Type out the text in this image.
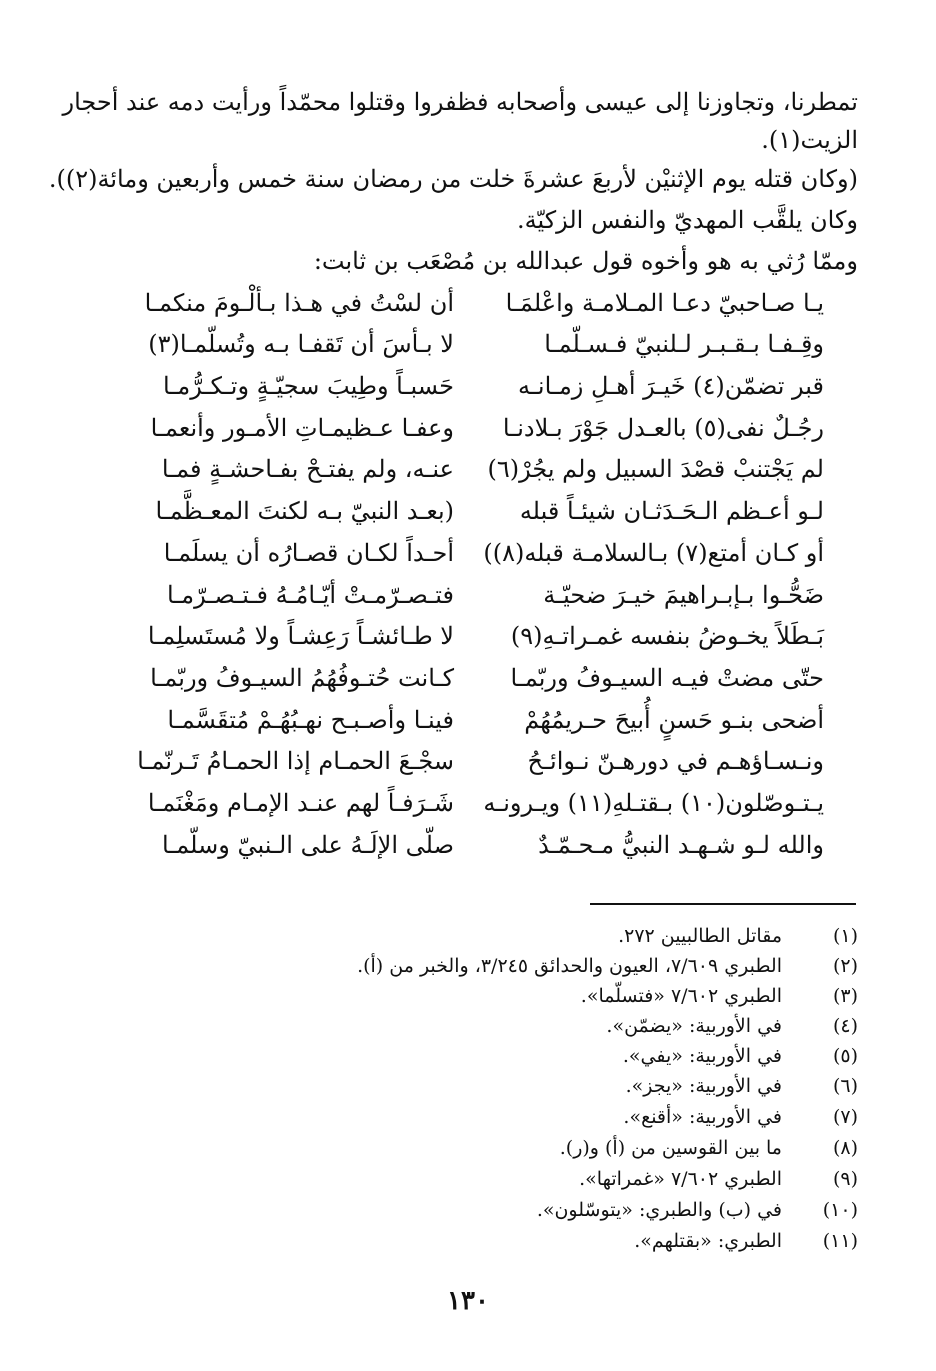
تمطرنا، وتجاوزنا إلى عيسى وأصحابه فظفروا وقتلوا محمّداً ورأيت دمه عند أحجار
الزيت(١).
(وكان قتله يوم الإثنيْن لأربعَ عشرةَ خلت من رمضان سنة خمس وأربعين ومائة(٢)).
وكان يلقَّب المهديّ والنفس الزكيّة.
وممّا رُثي به هو وأخوه قول عبدالله بن مُصْعَب بن ثابت:
يـا صـاحبيّ دعـا المـلامـة واعْلمَـا
أن لسْتُ في هـذا بـألْـومَ منكمـا
وقِـفـا بـقـبـر لـلنبيّ فـسـلّمـا
لا بـأسَ أن تَقفـا بـه وتُسلّمـا(٣)
قبر تضمّن(٤) خَيـرَ أهـلِ زمـانـه
حَسبـاً وطِيبَ سجيّـةٍ وتـكـرُّمـا
رجُـلٌ نفى(٥) بالعـدل جَوْرَ بـلادنـا
وعفـا عـظيمـاتِ الأمـور وأنعمـا
لم يَجْتنبْ قصْدَ السبيل ولم يجُرْ(٦)
عنـه، ولم يفتـحْ بفـاحشـةٍ فمـا
لـو أعـظم الـحَـدَثـان شيئـاً قبله
(بعـد النبيّ بـه لكنتَ المعـظَّمـا
أو كـان أمتع(٧) بـالسلامـة قبله(٨))
أحـداً لكـان قصـارُه أن يسلَمـا
ضَحُّـوا بـإبـراهيمَ خيـرَ ضحيّـة
فتـصـرّمـتْ أيّـامُـهُ فـتـصـرّمـا
بَـطَلاً يخـوضُ بنفسه غمـراتـهِ(٩)
لا طـائشـاً رَعِشـاً ولا مُستَسلِمـا
حتّى مضتْ فيـه السيـوفُ وربّمـا
كـانت حُتـوفُهُمُ السيـوفُ وربّمـا
أضحى بنـو حَسنٍ أُبيحَ حـريمُهُمْ
فينـا وأصـبـح نهـبُهُـمْ مُتقَسَّمـا
ونـسـاؤهـم في دورهـنّ نـوائـحُ
سجْـعَ الحمـام إذا الحمـامُ تَـرنّمـا
يـتـوصّلون(١٠) بـقتـلهِ(١١) ويـرونـه
شَـرَفـاً لهم عنـد الإمـام ومَغْنَمـا
والله لـو شـهـد النبيُّ مـحـمّـدٌ
صلّى الإلَـهُ على الـنبيّ وسلّمـا
(١)
مقاتل الطالبيين ٢٧٢.
(٢)
الطبري ٧/٦٠٩، العيون والحدائق ٣/٢٤٥، والخبر من (أ).
(٣)
الطبري ٧/٦٠٢ «فتسلّما».
(٤)
في الأوربية: «يضمّن».
(٥)
في الأوربية: «يفي».
(٦)
في الأوربية: «يجز».
(٧)
في الأوربية: «أقنع».
(٨)
ما بين القوسين من (أ) و(ر).
(٩)
الطبري ٧/٦٠٢ «غمراتها».
(١٠)
في (ب) والطبري: «يتوسّلون».
(١١)
الطبري: «بقتلهم».
١٣٠
